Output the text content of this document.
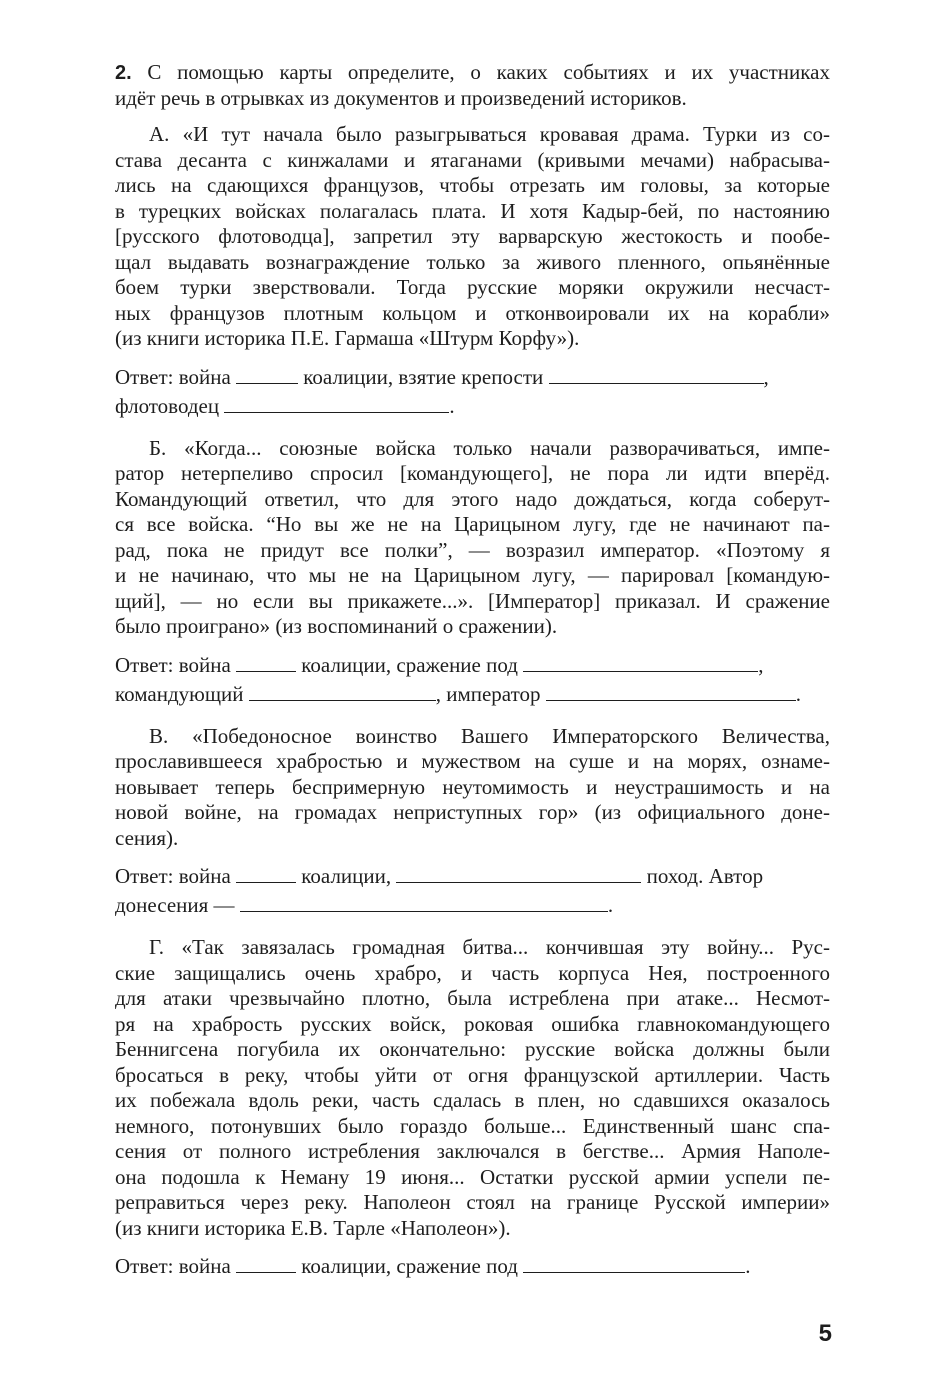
2. С помощью карты определите, о каких событиях и их участниках
идёт речь в отрывках из документов и произведений историков.
А. «И тут начала было разыгрываться кровавая драма. Турки из со-
става десанта с кинжалами и ятаганами (кривыми мечами) набрасыва-
лись на сдающихся французов, чтобы отрезать им головы, за которые
в турецких войсках полагалась плата. И хотя Кадыр-бей, по настоянию
[русского флотоводца], запретил эту варварскую жестокость и пообе-
щал выдавать вознаграждение только за живого пленного, опьянённые
боем турки зверствовали. Тогда русские моряки окружили несчаст-
ных французов плотным кольцом и отконвоировали их на корабли»
(из книги историка П.Е. Гармаша «Штурм Корфу»).
Ответ: война	коалиции, взятие крепости	,
флотоводец	.
Б. «Когда... союзные войска только начали разворачиваться, импе-
ратор нетерпеливо спросил [командующего], не пора ли идти вперёд.
Командующий ответил, что для этого надо дождаться, когда соберут-
ся все войска. “Но вы же не на Царицыном лугу, где не начинают па-
рад, пока не придут все полки”, — возразил император. «Поэтому я
и не начинаю, что мы не на Царицыном лугу, — парировал [командую-
щий], — но если вы прикажете...». [Император] приказал. И сражение
было проиграно» (из воспоминаний о сражении).
Ответ: война	коалиции, сражение под	,
командующий	, император	.
В. «Победоносное воинство Вашего Императорского Величества,
прославившееся храбростью и мужеством на суше и на морях, ознаме-
новывает теперь беспримерную неутомимость и неустрашимость и на
новой войне, на громадах неприступных гор» (из официального доне-
сения).
Ответ: война	коалиции,	поход. Автор
донесения —	.
Г. «Так завязалась громадная битва... кончившая эту войну... Рус-
ские защищались очень храбро, и часть корпуса Нея, построенного
для атаки чрезвычайно плотно, была истреблена при атаке... Несмот-
ря на храбрость русских войск, роковая ошибка главнокомандующего
Беннигсена погубила их окончательно: русские войска должны были
бросаться в реку, чтобы уйти от огня французской артиллерии. Часть
их побежала вдоль реки, часть сдалась в плен, но сдавшихся оказалось
немного, потонувших было гораздо больше... Единственный шанс спа-
сения от полного истребления заключался в бегстве... Армия Наполе-
она подошла к Неману 19 июня... Остатки русской армии успели пе-
реправиться через реку. Наполеон стоял на границе Русской империи»
(из книги историка Е.В. Тарле «Наполеон»).
Ответ: война	коалиции, сражение под	.
5
